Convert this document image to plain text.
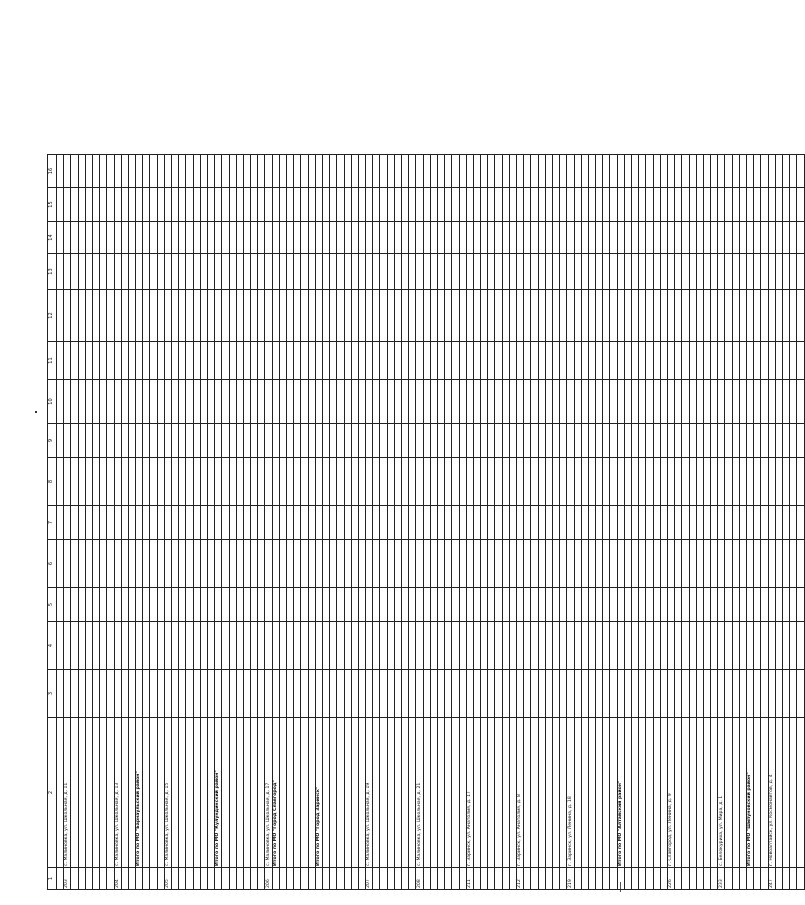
1	2	3	4	5	6	7	8	9	10	11	12	13	14	15	16

203	с. Малиновка, ул. Школьная, д. 11														

204	с. Малиновка, ул. Школьная, д. 13														

	Итого по МО "Барнаульский район"														

205	с. Малиновка, ул. Школьная, д. 15														

	Итого по МО "Кулундинский район"														

206	с. Малиновка, ул. Школьная, д. 17														
	Итого по МО "Город Славгород"														

	Итого по МО "Город Заринск"														

207	с. Малиновка, ул. Школьная, д. 19														

208	с. Малиновка, ул. Школьная, д. 21														

211	г. Заринск, ул. Анатолия, д. 17														

212	г. Заринск, ул. Анатолия, д. 8														

219	г. Заринск, ул. Ленина, д. 18														

	Итого по МО "Алтайский район"														

226	г. Славгород, ул. Ленина, д. 9														

233	с. Белокуриха, ул. Мира, д. 1														

	Итого по МО "Шипуновский район"														

247	г. Новоалтайск, ул. Космонавтов, д. 4														
